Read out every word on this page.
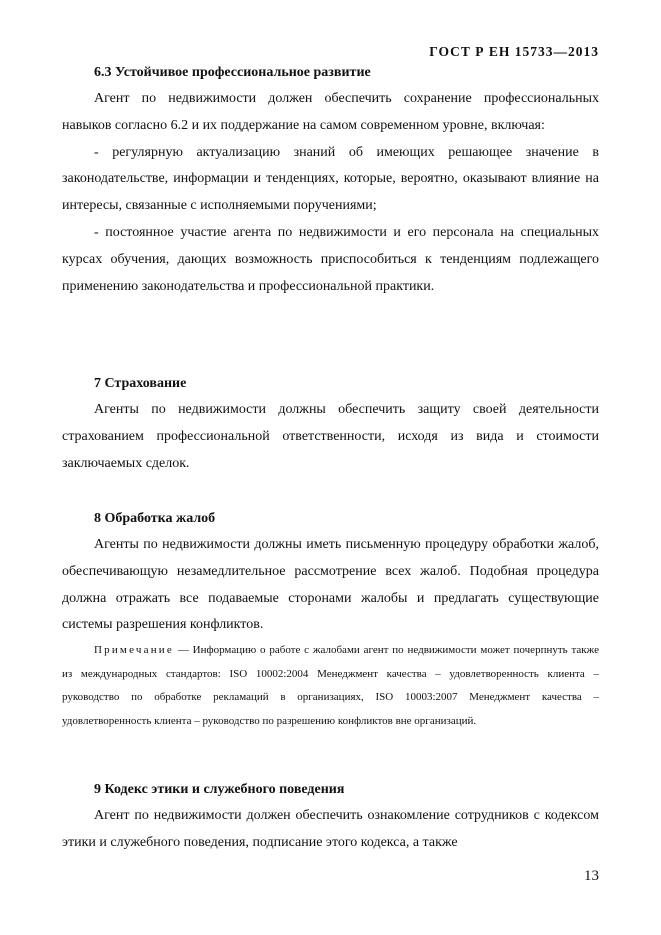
ГОСТ Р ЕН 15733—2013
6.3 Устойчивое профессиональное развитие

Агент по недвижимости должен обеспечить сохранение профессиональных навыков согласно 6.2 и их поддержание на самом современном уровне, включая:

- регулярную актуализацию знаний об имеющих решающее значение в законодательстве, информации и тенденциях, которые, вероятно, оказывают влияние на интересы, связанные с исполняемыми поручениями;

- постоянное участие агента по недвижимости и его персонала на специальных курсах обучения, дающих возможность приспособиться к тенденциям подлежащего применению законодательства и профессиональной практики.

7 Страхование

Агенты по недвижимости должны обеспечить защиту своей деятельности страхованием профессиональной ответственности, исходя из вида и стоимости заключаемых сделок.

8 Обработка жалоб

Агенты по недвижимости должны иметь письменную процедуру обработки жалоб, обеспечивающую незамедлительное рассмотрение всех жалоб. Подобная процедура должна отражать все подаваемые сторонами жалобы и предлагать существующие системы разрешения конфликтов.

Примечание — Информацию о работе с жалобами агент по недвижимости может почерпнуть также из международных стандартов: ISO 10002:2004 Менеджмент качества – удовлетворенность клиента – руководство по обработке рекламаций в организациях, ISO 10003:2007 Менеджмент качества – удовлетворенность клиента – руководство по разрешению конфликтов вне организаций.

9 Кодекс этики и служебного поведения

Агент по недвижимости должен обеспечить ознакомление сотрудников с кодексом этики и служебного поведения, подписание этого кодекса, а также

13
